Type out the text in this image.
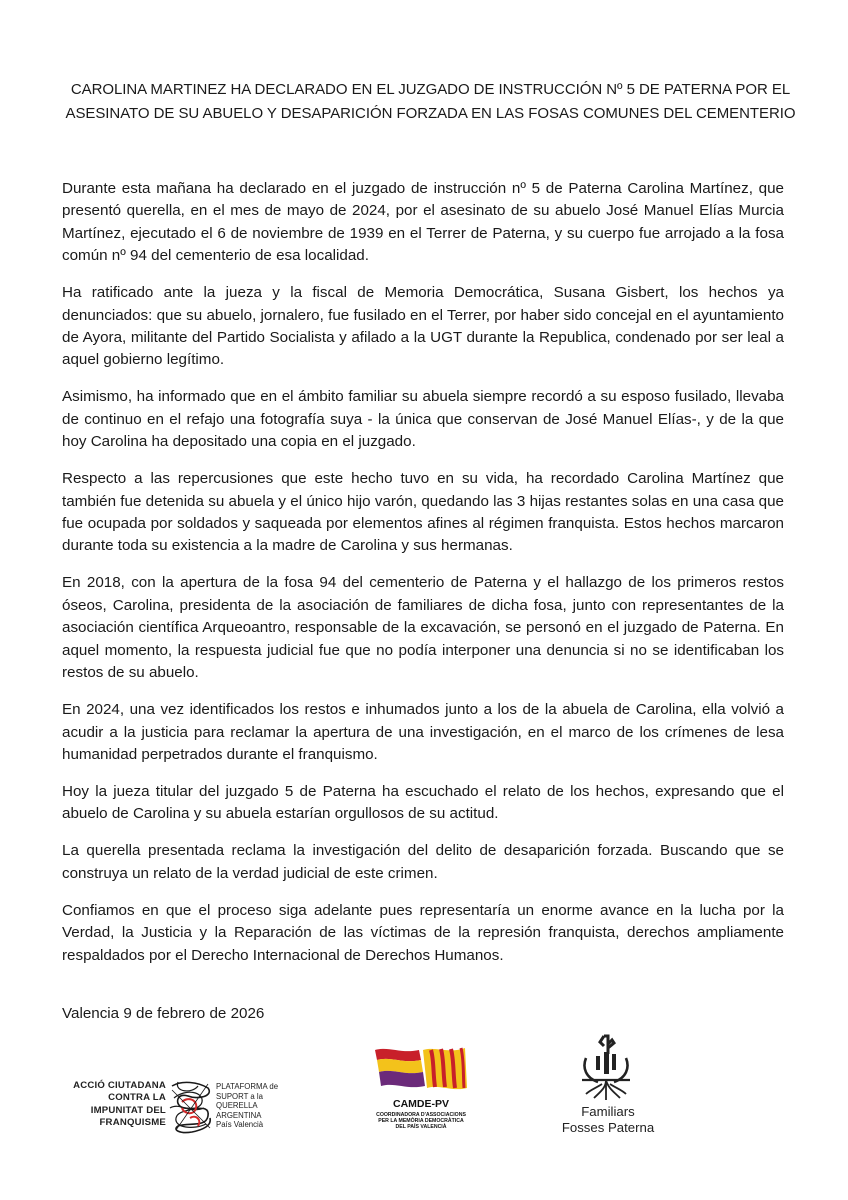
CAROLINA MARTINEZ HA DECLARADO EN EL JUZGADO DE INSTRUCCIÓN Nº 5 DE PATERNA POR EL ASESINATO DE SU ABUELO Y DESAPARICIÓN FORZADA EN LAS FOSAS COMUNES DEL CEMENTERIO

Durante esta mañana ha declarado en el juzgado de instrucción nº 5 de Paterna Carolina Martínez, que presentó querella, en el mes de mayo de 2024, por el asesinato de su abuelo José Manuel Elías Murcia Martínez, ejecutado el 6 de noviembre de 1939 en el Terrer de Paterna, y su cuerpo fue arrojado a la fosa común nº 94 del cementerio de esa localidad.

Ha ratificado ante la jueza y la fiscal de Memoria Democrática, Susana Gisbert, los hechos ya denunciados: que su abuelo, jornalero, fue fusilado en el Terrer, por haber sido concejal en el ayuntamiento de Ayora, militante del Partido Socialista y afilado a la UGT durante la Republica, condenado por ser leal a aquel gobierno legítimo.

Asimismo, ha informado que en el ámbito familiar su abuela siempre recordó a su esposo fusilado, llevaba de continuo en el refajo una fotografía suya - la única que conservan de José Manuel Elías-, y de la que hoy Carolina ha depositado una copia en el juzgado.

Respecto a las repercusiones que este hecho tuvo en su vida, ha recordado Carolina Martínez que también fue detenida su abuela y el único hijo varón, quedando las 3 hijas restantes solas en una casa que fue ocupada por soldados y saqueada por elementos afines al régimen franquista. Estos hechos marcaron durante toda su existencia a la madre de Carolina y sus hermanas.

En 2018, con la apertura de la fosa 94 del cementerio de Paterna y el hallazgo de los primeros restos óseos, Carolina, presidenta de la asociación de familiares de dicha fosa, junto con representantes de la asociación científica Arqueoantro, responsable de la excavación, se personó en el juzgado de Paterna. En aquel momento, la respuesta judicial fue que no podía interponer una denuncia si no se identificaban los restos de su abuelo.

En 2024, una vez identificados los restos e inhumados junto a los de la abuela de Carolina, ella volvió a acudir a la justicia para reclamar la apertura de una investigación, en el marco de los crímenes de lesa humanidad perpetrados durante el franquismo.

Hoy la jueza titular del juzgado 5 de Paterna ha escuchado el relato de los hechos, expresando que el abuelo de Carolina y su abuela estarían orgullosos de su actitud.

La querella presentada reclama la investigación del delito de desaparición forzada. Buscando que se construya un relato de la verdad judicial de este crimen.

Confiamos en que el proceso siga adelante pues representaría un enorme avance en la lucha por la Verdad, la Justicia y la Reparación de las víctimas de la represión franquista, derechos ampliamente respaldados por el Derecho Internacional de Derechos Humanos.

Valencia 9 de febrero de 2026
ACCIÓ CIUTADANA
CONTRA LA
IMPUNITAT DEL
FRANQUISME
PLATAFORMA de
SUPORT a la
QUERELLA
ARGENTINA
País Valencià
CAMDE-PV
COORDINADORA D'ASSOCIACIONS
PER LA MEMÒRIA DEMOCRÀTICA
DEL PAÍS VALENCIÀ
Familiars
Fosses Paterna
